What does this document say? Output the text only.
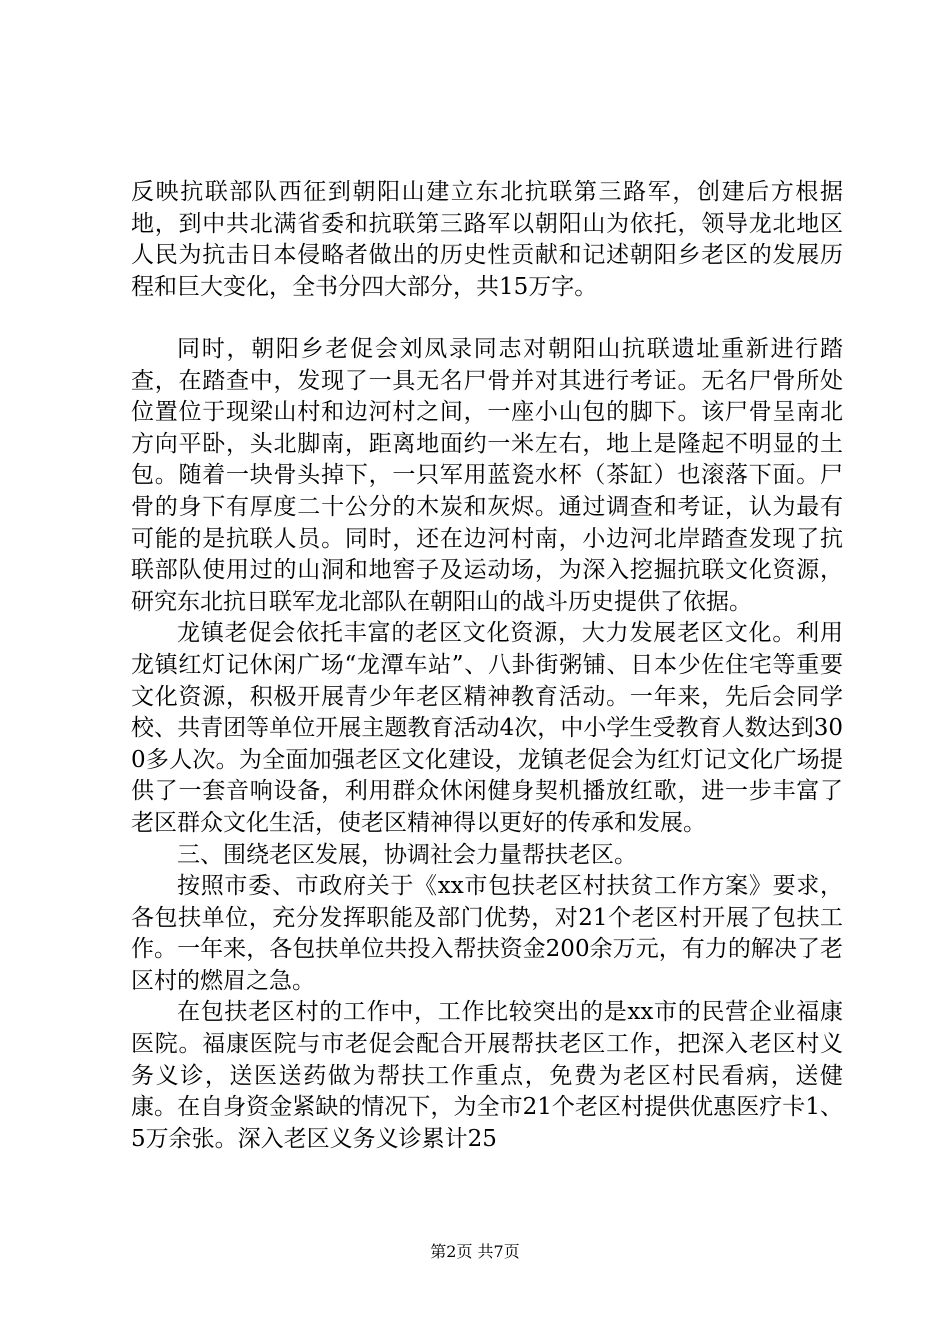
反映抗联部队西征到朝阳山建立东北抗联第三路军，创建后方根据地，到中共北满省委和抗联第三路军以朝阳山为依托，领导龙北地区人民为抗击日本侵略者做出的历史性贡献和记述朝阳乡老区的发展历程和巨大变化，全书分四大部分，共15万字。

同时，朝阳乡老促会刘凤录同志对朝阳山抗联遗址重新进行踏查，在踏查中，发现了一具无名尸骨并对其进行考证。无名尸骨所处位置位于现梁山村和边河村之间，一座小山包的脚下。该尸骨呈南北方向平卧，头北脚南，距离地面约一米左右，地上是隆起不明显的土包。随着一块骨头掉下，一只军用蓝瓷水杯（茶缸）也滚落下面。尸骨的身下有厚度二十公分的木炭和灰烬。通过调查和考证，认为最有可能的是抗联人员。同时，还在边河村南，小边河北岸踏查发现了抗联部队使用过的山洞和地窖子及运动场，为深入挖掘抗联文化资源，研究东北抗日联军龙北部队在朝阳山的战斗历史提供了依据。

龙镇老促会依托丰富的老区文化资源，大力发展老区文化。利用龙镇红灯记休闲广场“龙潭车站”、八卦街粥铺、日本少佐住宅等重要文化资源，积极开展青少年老区精神教育活动。一年来，先后会同学校、共青团等单位开展主题教育活动4次，中小学生受教育人数达到300多人次。为全面加强老区文化建设，龙镇老促会为红灯记文化广场提供了一套音响设备，利用群众休闲健身契机播放红歌，进一步丰富了老区群众文化生活，使老区精神得以更好的传承和发展。

三、围绕老区发展，协调社会力量帮扶老区。

按照市委、市政府关于《xx市包扶老区村扶贫工作方案》要求，各包扶单位，充分发挥职能及部门优势，对21个老区村开展了包扶工作。一年来，各包扶单位共投入帮扶资金200余万元，有力的解决了老区村的燃眉之急。

在包扶老区村的工作中，工作比较突出的是xx市的民营企业福康医院。福康医院与市老促会配合开展帮扶老区工作，把深入老区村义务义诊，送医送药做为帮扶工作重点，免费为老区村民看病，送健康。在自身资金紧缺的情况下，为全市21个老区村提供优惠医疗卡1、5万余张。深入老区义务义诊累计25

第2页 共7页
